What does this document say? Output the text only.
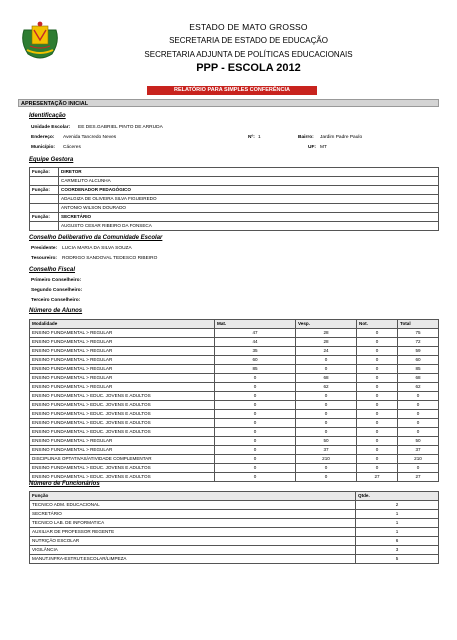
ESTADO DE MATO GROSSO
SECRETARIA DE ESTADO DE EDUCAÇÃO
SECRETARIA ADJUNTA DE POLÍTICAS EDUCACIONAIS
PPP - ESCOLA 2012
RELATÓRIO PARA SIMPLES CONFERÊNCIA
APRESENTAÇÃO INICIAL
Identificação
Unidade Escolar: EE DES.GABRIEL PINTO DE ARRUDA
Endereço: Avenida Tancredo Neves	Nº: 1	Bairro: Jardim Padre Paulo
Município: Cáceres	UF: MT
Equipe Gestora
Função:	DIRETOR
	CARMELITO ALCUNHA
Função:	COORDENADOR PEDAGÓGICO
	ADALGIZA DE OLIVEIRA SILVA FIGUEIREDO
	ANTONIO WILSON DOURADO
Função:	SECRETÁRIO
	AUGUSTO CESAR RIBEIRO DA FONSECA
Conselho Deliberativo da Comunidade Escolar
Presidente: LUCIA MARIA DA SILVA SOUZA
Tesoureiro: RODRIGO SANDOVAL TEDESCO RIBEIRO
Conselho Fiscal
Primeiro Conselheiro:
Segundo Conselheiro:
Terceiro Conselheiro:
Número de Alunos
Modalidade	Mat.	Vesp.	Not.	Total
ENSINO FUNDAMENTAL > REGULAR	47	28	0	75
ENSINO FUNDAMENTAL > REGULAR	44	28	0	72
ENSINO FUNDAMENTAL > REGULAR	35	24	0	59
ENSINO FUNDAMENTAL > REGULAR	60	0	0	60
ENSINO FUNDAMENTAL > REGULAR	85	0	0	85
ENSINO FUNDAMENTAL > REGULAR	0	68	0	68
ENSINO FUNDAMENTAL > REGULAR	0	62	0	62
ENSINO FUNDAMENTAL > EDUC. JOVENS E ADULTOS	0	0	0	0
ENSINO FUNDAMENTAL > EDUC. JOVENS E ADULTOS	0	0	0	0
ENSINO FUNDAMENTAL > EDUC. JOVENS E ADULTOS	0	0	0	0
ENSINO FUNDAMENTAL > EDUC. JOVENS E ADULTOS	0	0	0	0
ENSINO FUNDAMENTAL > EDUC. JOVENS E ADULTOS	0	0	0	0
ENSINO FUNDAMENTAL > REGULAR	0	50	0	50
ENSINO FUNDAMENTAL > REGULAR	0	37	0	37
DISCIPLINAS OPTATIVAS/ATIVIDADE COMPLEMENTAR	0	210	0	210
ENSINO FUNDAMENTAL > EDUC. JOVENS E ADULTOS	0	0	0	0
ENSINO FUNDAMENTAL > EDUC. JOVENS E ADULTOS	0	0	27	27
Número de Funcionários
Função	Qtde.
TECNICO ADM. EDUCACIONAL	2
SECRETÁRIO	1
TECNICO LAB. DE INFORMATICA	1
AUXILIAR DE PROFESSOR REGENTE	1
NUTRIÇÃO ESCOLAR	6
VIGILÂNCIA	3
MANUT.INFRA-ESTRUT.ESCOLAR/LIMPEZA	5
